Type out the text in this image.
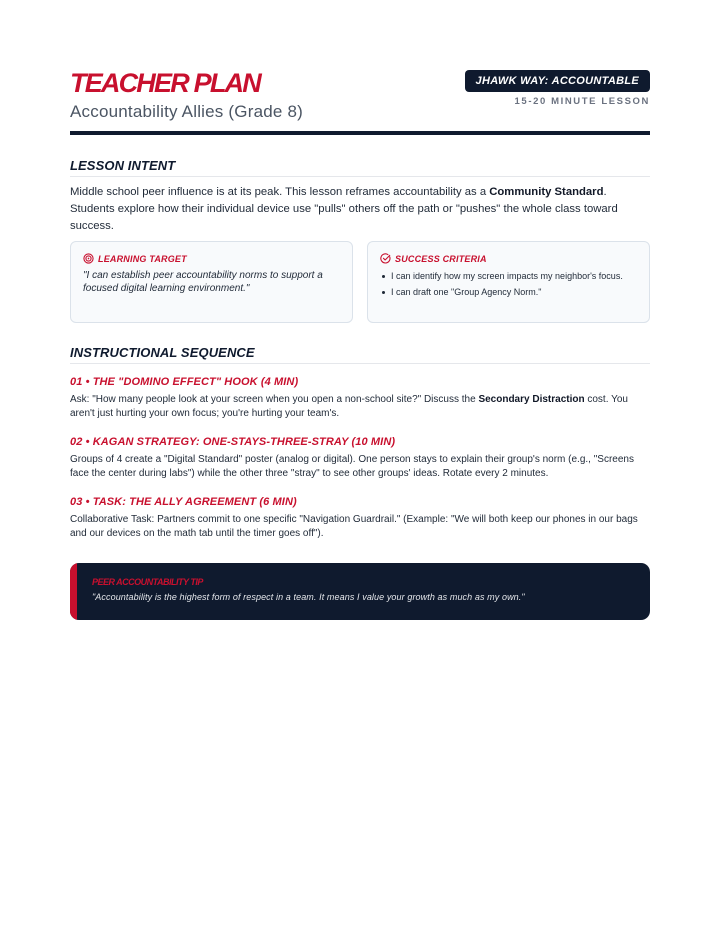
TEACHER PLAN
Accountability Allies (Grade 8)
JHAWK WAY: ACCOUNTABLE
15-20 MINUTE LESSON
LESSON INTENT

Middle school peer influence is at its peak. This lesson reframes accountability as a Community Standard. Students explore how their individual device use "pulls" others off the path or "pushes" the whole class toward success.

LEARNING TARGET

"I can establish peer accountability norms to support a focused digital learning environment."

SUCCESS CRITERIA
I can identify how my screen impacts my neighbor's focus.
I can draft one "Group Agency Norm."
INSTRUCTIONAL SEQUENCE
01 • THE "DOMINO EFFECT" HOOK (4 MIN)

Ask: "How many people look at your screen when you open a non-school site?" Discuss the Secondary Distraction cost. You aren't just hurting your own focus; you're hurting your team's.

02 • KAGAN STRATEGY: ONE-STAYS-THREE-STRAY (10 MIN)

Groups of 4 create a "Digital Standard" poster (analog or digital). One person stays to explain their group's norm (e.g., "Screens face the center during labs") while the other three "stray" to see other groups' ideas. Rotate every 2 minutes.

03 • TASK: THE ALLY AGREEMENT (6 MIN)

Collaborative Task: Partners commit to one specific "Navigation Guardrail." (Example: "We will both keep our phones in our bags and our devices on the math tab until the timer goes off").

PEER ACCOUNTABILITY TIP

"Accountability is the highest form of respect in a team. It means I value your growth as much as my own."
